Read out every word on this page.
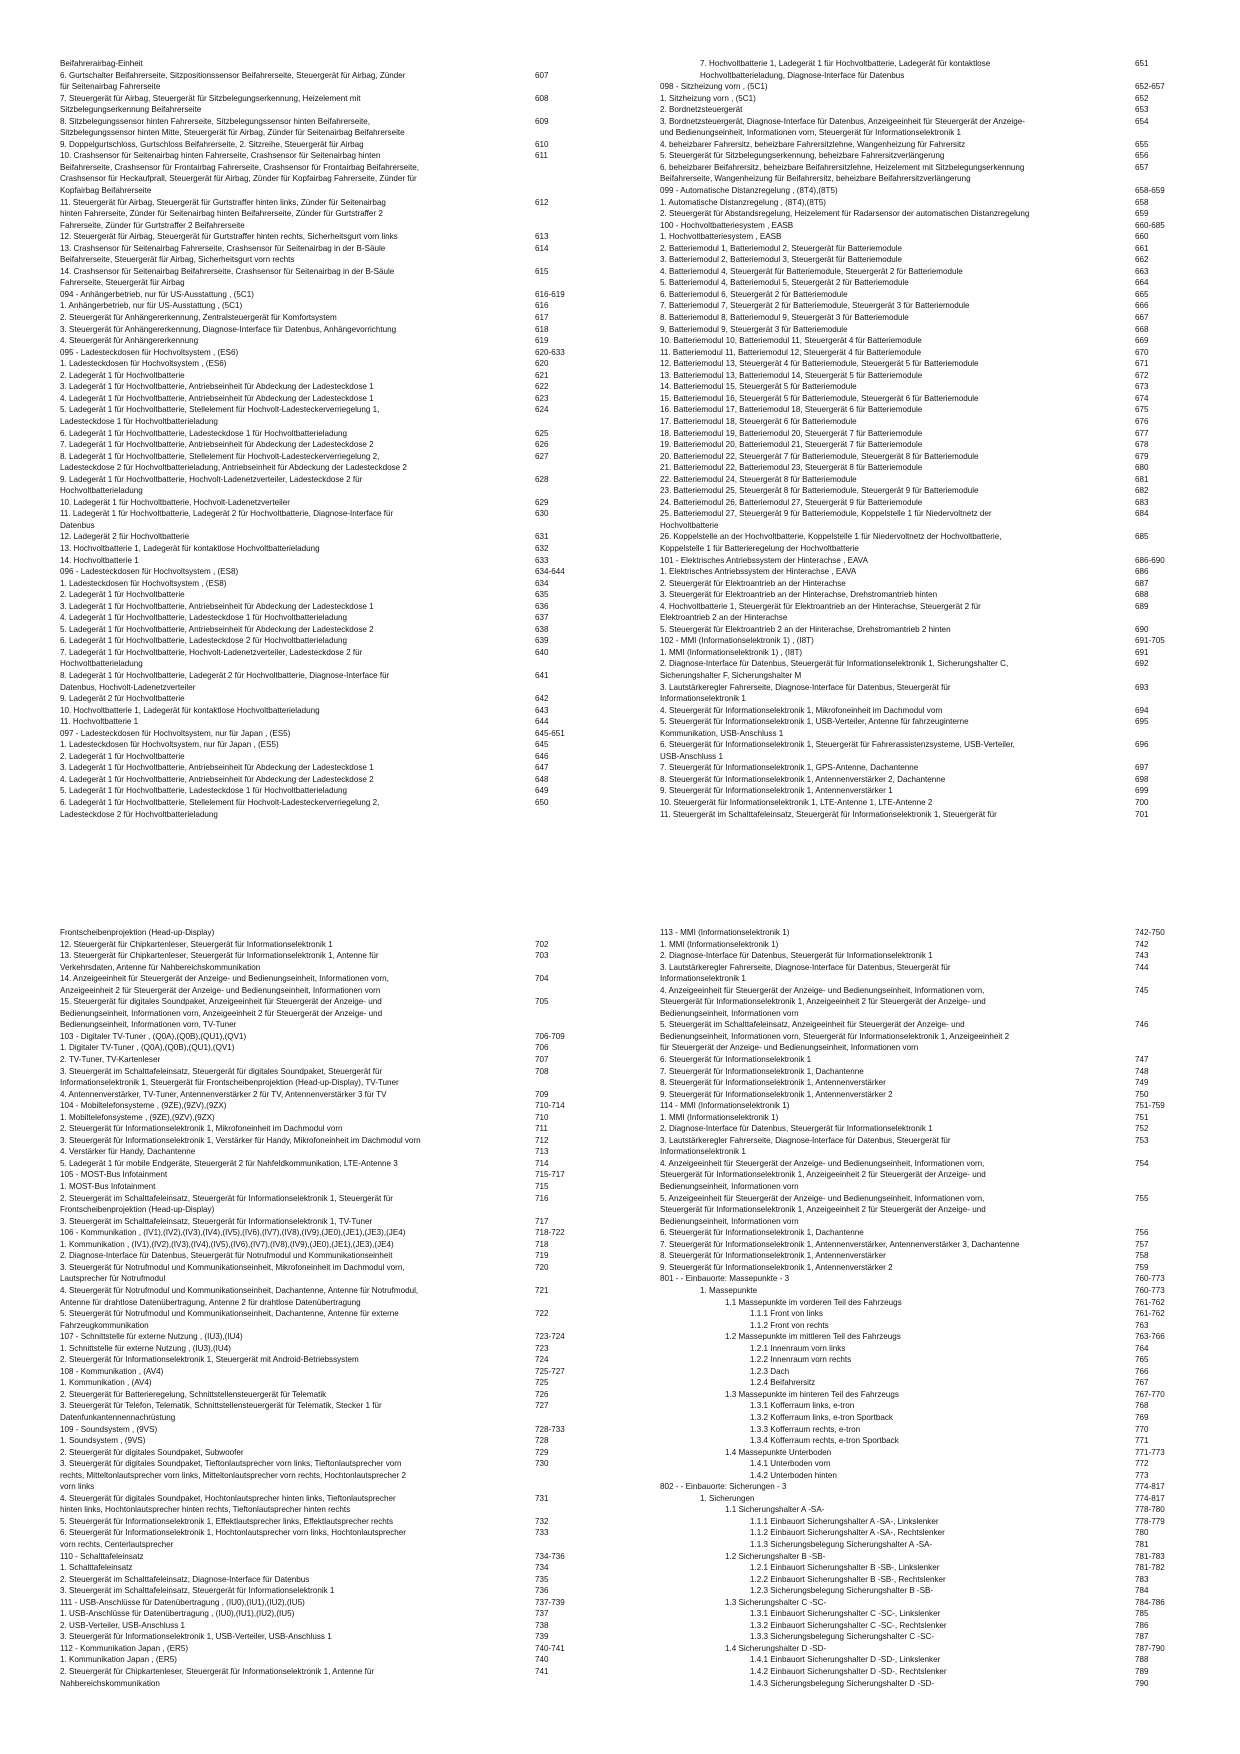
Beifahrerairbag-Einheit
6. Gurtschalter Beifahrerseite, Sitzpositionssensor Beifahrerseite, Steuergerät für Airbag, Zünder	607
für Seitenairbag Fahrerseite
7. Steuergerät für Airbag, Steuergerät für Sitzbelegungserkennung, Heizelement mit	608
Sitzbelegungserkennung Beifahrerseite
8. Sitzbelegungssensor hinten Fahrerseite, Sitzbelegungssensor hinten Beifahrerseite,	609
Sitzbelegungssensor hinten Mitte, Steuergerät für Airbag, Zünder für Seitenairbag Beifahrerseite
9. Doppelgurtschloss, Gurtschloss Beifahrerseite, 2. Sitzreihe, Steuergerät für Airbag	610
10. Crashsensor für Seitenairbag hinten Fahrerseite, Crashsensor für Seitenairbag hinten	611
Beifahrerseite, Crashsensor für Frontairbag Fahrerseite, Crashsensor für Frontairbag Beifahrerseite,
Crashsensor für Heckaufprall, Steuergerät für Airbag, Zünder für Kopfairbag Fahrerseite, Zünder für
Kopfairbag Beifahrerseite
11. Steuergerät für Airbag, Steuergerät für Gurtstraffer hinten links, Zünder für Seitenairbag	612
hinten Fahrerseite, Zünder für Seitenairbag hinten Beifahrerseite, Zünder für Gurtstraffer 2
Fahrerseite, Zünder für Gurtstraffer 2 Beifahrerseite
12. Steuergerät für Airbag, Steuergerät für Gurtstraffer hinten rechts, Sicherheitsgurt vorn links	613
13. Crashsensor für Seitenairbag Fahrerseite, Crashsensor für Seitenairbag in der B-Säule	614
Beifahrerseite, Steuergerät für Airbag, Sicherheitsgurt vorn rechts
14. Crashsensor für Seitenairbag Beifahrerseite, Crashsensor für Seitenairbag in der B-Säule	615
Fahrerseite, Steuergerät für Airbag
094 - Anhängerbetrieb, nur für US-Ausstattung , (5C1)	616-619
1. Anhängerbetrieb, nur für US-Ausstattung , (5C1)	616
2. Steuergerät für Anhängererkennung, Zentralsteuergerät für Komfortsystem	617
3. Steuergerät für Anhängererkennung, Diagnose-Interface für Datenbus, Anhängevorrichtung	618
4. Steuergerät für Anhängererkennung	619
095 - Ladesteckdosen für Hochvoltsystem , (ES6)	620-633
1. Ladesteckdosen für Hochvoltsystem , (ES6)	620
2. Ladegerät 1 für Hochvoltbatterie	621
3. Ladegerät 1 für Hochvoltbatterie, Antriebseinheit für Abdeckung der Ladesteckdose 1	622
4. Ladegerät 1 für Hochvoltbatterie, Antriebseinheit für Abdeckung der Ladesteckdose 1	623
5. Ladegerät 1 für Hochvoltbatterie, Stellelement für Hochvolt-Ladesteckerverriegelung 1,	624
Ladesteckdose 1 für Hochvoltbatterieladung
6. Ladegerät 1 für Hochvoltbatterie, Ladesteckdose 1 für Hochvoltbatterieladung	625
7. Ladegerät 1 für Hochvoltbatterie, Antriebseinheit für Abdeckung der Ladesteckdose 2	626
8. Ladegerät 1 für Hochvoltbatterie, Stellelement für Hochvolt-Ladesteckerverriegelung 2,	627
Ladesteckdose 2 für Hochvoltbatterieladung, Antriebseinheit für Abdeckung der Ladesteckdose 2
9. Ladegerät 1 für Hochvoltbatterie, Hochvolt-Ladenetzverteiler, Ladesteckdose 2 für	628
Hochvoltbatterieladung
10. Ladegerät 1 für Hochvoltbatterie, Hochvolt-Ladenetzverteiler	629
11. Ladegerät 1 für Hochvoltbatterie, Ladegerät 2 für Hochvoltbatterie, Diagnose-Interface für	630
Datenbus
12. Ladegerät 2 für Hochvoltbatterie	631
13. Hochvoltbatterie 1, Ladegerät für kontaktlose Hochvoltbatterieladung	632
14. Hochvoltbatterie 1	633
096 - Ladesteckdosen für Hochvoltsystem , (ES8)	634-644
1. Ladesteckdosen für Hochvoltsystem , (ES8)	634
2. Ladegerät 1 für Hochvoltbatterie	635
3. Ladegerät 1 für Hochvoltbatterie, Antriebseinheit für Abdeckung der Ladesteckdose 1	636
4. Ladegerät 1 für Hochvoltbatterie, Ladesteckdose 1 für Hochvoltbatterieladung	637
5. Ladegerät 1 für Hochvoltbatterie, Antriebseinheit für Abdeckung der Ladesteckdose 2	638
6. Ladegerät 1 für Hochvoltbatterie, Ladesteckdose 2 für Hochvoltbatterieladung	639
7. Ladegerät 1 für Hochvoltbatterie, Hochvolt-Ladenetzverteiler, Ladesteckdose 2 für	640
Hochvoltbatterieladung
8. Ladegerät 1 für Hochvoltbatterie, Ladegerät 2 für Hochvoltbatterie, Diagnose-Interface für	641
Datenbus, Hochvolt-Ladenetzverteiler
9. Ladegerät 2 für Hochvoltbatterie	642
10. Hochvoltbatterie 1, Ladegerät für kontaktlose Hochvoltbatterieladung	643
11. Hochvoltbatterie 1	644
097 - Ladesteckdosen für Hochvoltsystem, nur für Japan , (ES5)	645-651
1. Ladesteckdosen für Hochvoltsystem, nur für Japan , (ES5)	645
2. Ladegerät 1 für Hochvoltbatterie	646
3. Ladegerät 1 für Hochvoltbatterie, Antriebseinheit für Abdeckung der Ladesteckdose 1	647
4. Ladegerät 1 für Hochvoltbatterie, Antriebseinheit für Abdeckung der Ladesteckdose 2	648
5. Ladegerät 1 für Hochvoltbatterie, Ladesteckdose 1 für Hochvoltbatterieladung	649
6. Ladegerät 1 für Hochvoltbatterie, Stellelement für Hochvolt-Ladesteckerverriegelung 2,	650
Ladesteckdose 2 für Hochvoltbatterieladung
7. Hochvoltbatterie 1, Ladegerät 1 für Hochvoltbatterie, Ladegerät für kontaktlose	651
Hochvoltbatterieladung, Diagnose-Interface für Datenbus
098 - Sitzheizung vorn , (5C1)	652-657
1. Sitzheizung vorn , (5C1)	652
2. Bordnetzsteuergerät	653
3. Bordnetzsteuergerät, Diagnose-Interface für Datenbus, Anzeigeeinheit für Steuergerät der Anzeige-	654
und Bedienungseinheit, Informationen vorn, Steuergerät für Informationselektronik 1
4. beheizbarer Fahrersitz, beheizbare Fahrersitzlehne, Wangenheizung für Fahrersitz	655
5. Steuergerät für Sitzbelegungserkennung, beheizbare Fahrersitzverlängerung	656
6. beheizbarer Beifahrersitz, beheizbare Beifahrersitzlehne, Heizelement mit Sitzbelegungserkennung	657
Beifahrerseite, Wangenheizung für Beifahrersitz, beheizbare Beifahrersitzverlängerung
099 - Automatische Distanzregelung , (8T4),(8T5)	658-659
1. Automatische Distanzregelung , (8T4),(8T5)	658
2. Steuergerät für Abstandsregelung, Heizelement für Radarsensor der automatischen Distanzregelung	659
100 - Hochvoltbatteriesystem , EASB	660-685
1. Hochvoltbatteriesystem , EASB	660
2. Batteriemodul 1, Batteriemodul 2, Steuergerät für Batteriemodule	661
3. Batteriemodul 2, Batteriemodul 3, Steuergerät für Batteriemodule	662
4. Batteriemodul 4, Steuergerät für Batteriemodule, Steuergerät 2 für Batteriemodule	663
5. Batteriemodul 4, Batteriemodul 5, Steuergerät 2 für Batteriemodule	664
6. Batteriemodul 6, Steuergerät 2 für Batteriemodule	665
7. Batteriemodul 7, Steuergerät 2 für Batteriemodule, Steuergerät 3 für Batteriemodule	666
8. Batteriemodul 8, Batteriemodul 9, Steuergerät 3 für Batteriemodule	667
9. Batteriemodul 9, Steuergerät 3 für Batteriemodule	668
10. Batteriemodul 10, Batteriemodul 11, Steuergerät 4 für Batteriemodule	669
11. Batteriemodul 11, Batteriemodul 12, Steuergerät 4 für Batteriemodule	670
12. Batteriemodul 13, Steuergerät 4 für Batteriemodule, Steuergerät 5 für Batteriemodule	671
13. Batteriemodul 13, Batteriemodul 14, Steuergerät 5 für Batteriemodule	672
14. Batteriemodul 15, Steuergerät 5 für Batteriemodule	673
15. Batteriemodul 16, Steuergerät 5 für Batteriemodule, Steuergerät 6 für Batteriemodule	674
16. Batteriemodul 17, Batteriemodul 18, Steuergerät 6 für Batteriemodule	675
17. Batteriemodul 18, Steuergerät 6 für Batteriemodule	676
18. Batteriemodul 19, Batteriemodul 20, Steuergerät 7 für Batteriemodule	677
19. Batteriemodul 20, Batteriemodul 21, Steuergerät 7 für Batteriemodule	678
20. Batteriemodul 22, Steuergerät 7 für Batteriemodule, Steuergerät 8 für Batteriemodule	679
21. Batteriemodul 22, Batteriemodul 23, Steuergerät 8 für Batteriemodule	680
22. Batteriemodul 24, Steuergerät 8 für Batteriemodule	681
23. Batteriemodul 25, Steuergerät 8 für Batteriemodule, Steuergerät 9 für Batteriemodule	682
24. Batteriemodul 26, Batteriemodul 27, Steuergerät 9 für Batteriemodule	683
25. Batteriemodul 27, Steuergerät 9 für Batteriemodule, Koppelstelle 1 für Niedervoltnetz der	684
Hochvoltbatterie
26. Koppelstelle an der Hochvoltbatterie, Koppelstelle 1 für Niedervoltnetz der Hochvoltbatterie,	685
Koppelstelle 1 für Batterieregelung der Hochvoltbatterie
101 - Elektrisches Antriebssystem der Hinterachse , EAVA	686-690
1. Elektrisches Antriebssystem der Hinterachse , EAVA	686
2. Steuergerät für Elektroantrieb an der Hinterachse	687
3. Steuergerät für Elektroantrieb an der Hinterachse, Drehstromantrieb hinten	688
4. Hochvoltbatterie 1, Steuergerät für Elektroantrieb an der Hinterachse, Steuergerät 2 für	689
Elektroantrieb 2 an der Hinterachse
5. Steuergerät für Elektroantrieb 2 an der Hinterachse, Drehstromantrieb 2 hinten	690
102 - MMI (Informationselektronik 1) , (I8T)	691-705
1. MMI (Informationselektronik 1) , (I8T)	691
2. Diagnose-Interface für Datenbus, Steuergerät für Informationselektronik 1, Sicherungshalter C,	692
Sicherungshalter F, Sicherungshalter M
3. Lautstärkeregler Fahrerseite, Diagnose-Interface für Datenbus, Steuergerät für	693
Informationselektronik 1
4. Steuergerät für Informationselektronik 1, Mikrofoneinheit im Dachmodul vorn	694
5. Steuergerät für Informationselektronik 1, USB-Verteiler, Antenne für fahrzeuginterne	695
Kommunikation, USB-Anschluss 1
6. Steuergerät für Informationselektronik 1, Steuergerät für Fahrerassistenzsysteme, USB-Verteiler,	696
USB-Anschluss 1
7. Steuergerät für Informationselektronik 1, GPS-Antenne, Dachantenne	697
8. Steuergerät für Informationselektronik 1, Antennenverstärker 2, Dachantenne	698
9. Steuergerät für Informationselektronik 1, Antennenverstärker 1	699
10. Steuergerät für Informationselektronik 1, LTE-Antenne 1, LTE-Antenne 2	700
11. Steuergerät im Schalttafeleinsatz, Steuergerät für Informationselektronik 1, Steuergerät für	701
Frontscheibenprojektion (Head-up-Display)
12. Steuergerät für Chipkartenleser, Steuergerät für Informationselektronik 1	702
13. Steuergerät für Chipkartenleser, Steuergerät für Informationselektronik 1, Antenne für	703
Verkehrsdaten, Antenne für Nahbereichskommunikation
14. Anzeigeeinheit für Steuergerät der Anzeige- und Bedienungseinheit, Informationen vorn,	704
Anzeigeeinheit 2 für Steuergerät der Anzeige- und Bedienungseinheit, Informationen vorn
15. Steuergerät für digitales Soundpaket, Anzeigeeinheit für Steuergerät der Anzeige- und	705
Bedienungseinheit, Informationen vorn, Anzeigeeinheit 2 für Steuergerät der Anzeige- und
Bedienungseinheit, Informationen vorn, TV-Tuner
103 - Digitaler TV-Tuner , (Q0A),(Q0B),(QU1),(QV1)	706-709
1. Digitaler TV-Tuner , (Q0A),(Q0B),(QU1),(QV1)	706
2. TV-Tuner, TV-Kartenleser	707
3. Steuergerät im Schalttafeleinsatz, Steuergerät für digitales Soundpaket, Steuergerät für	708
Informationselektronik 1, Steuergerät für Frontscheibenprojektion (Head-up-Display), TV-Tuner
4. Antennenverstärker, TV-Tuner, Antennenverstärker 2 für TV, Antennenverstärker 3 für TV	709
104 - Mobiltelefonsysteme , (9ZE),(9ZV),(9ZX)	710-714
1. Mobiltelefonsysteme , (9ZE),(9ZV),(9ZX)	710
2. Steuergerät für Informationselektronik 1, Mikrofoneinheit im Dachmodul vorn	711
3. Steuergerät für Informationselektronik 1, Verstärker für Handy, Mikrofoneinheit im Dachmodul vorn	712
4. Verstärker für Handy, Dachantenne	713
5. Ladegerät 1 für mobile Endgeräte, Steuergerät 2 für Nahfeldkommunikation, LTE-Antenne 3	714
105 - MOST-Bus Infotainment	715-717
1. MOST-Bus Infotainment	715
2. Steuergerät im Schalttafeleinsatz, Steuergerät für Informationselektronik 1, Steuergerät für	716
Frontscheibenprojektion (Head-up-Display)
3. Steuergerät im Schalttafeleinsatz, Steuergerät für Informationselektronik 1, TV-Tuner	717
106 - Kommunikation , (IV1),(IV2),(IV3),(IV4),(IV5),(IV6),(IV7),(IV8),(IV9),(JE0),(JE1),(JE3),(JE4)	718-722
1. Kommunikation , (IV1),(IV2),(IV3),(IV4),(IV5),(IV6),(IV7),(IV8),(IV9),(JE0),(JE1),(JE3),(JE4)	718
2. Diagnose-Interface für Datenbus, Steuergerät für Notrufmodul und Kommunikationseinheit	719
3. Steuergerät für Notrufmodul und Kommunikationseinheit, Mikrofoneinheit im Dachmodul vorn,	720
Lautsprecher für Notrufmodul
4. Steuergerät für Notrufmodul und Kommunikationseinheit, Dachantenne, Antenne für Notrufmodul,	721
Antenne für drahtlose Datenübertragung, Antenne 2 für drahtlose Datenübertragung
5. Steuergerät für Notrufmodul und Kommunikationseinheit, Dachantenne, Antenne für externe	722
Fahrzeugkommunikation
107 - Schnittstelle für externe Nutzung , (IU3),(IU4)	723-724
1. Schnittstelle für externe Nutzung , (IU3),(IU4)	723
2. Steuergerät für Informationselektronik 1, Steuergerät mit Android-Betriebssystem	724
108 - Kommunikation , (AV4)	725-727
1. Kommunikation , (AV4)	725
2. Steuergerät für Batterieregelung, Schnittstellensteuergerät für Telematik	726
3. Steuergerät für Telefon, Telematik, Schnittstellensteuergerät für Telematik, Stecker 1 für	727
Datenfunkantennennachrüstung
109 - Soundsystem , (9VS)	728-733
1. Soundsystem , (9VS)	728
2. Steuergerät für digitales Soundpaket, Subwoofer	729
3. Steuergerät für digitales Soundpaket, Tieftonlautsprecher vorn links, Tieftonlautsprecher vorn	730
rechts, Mitteltonlautsprecher vorn links, Mitteltonlautsprecher vorn rechts, Hochtonlautsprecher 2
vorn links
4. Steuergerät für digitales Soundpaket, Hochtonlautsprecher hinten links, Tieftonlautsprecher	731
hinten links, Hochtonlautsprecher hinten rechts, Tieftonlautsprecher hinten rechts
5. Steuergerät für Informationselektronik 1, Effektlautsprecher links, Effektlautsprecher rechts	732
6. Steuergerät für Informationselektronik 1, Hochtonlautsprecher vorn links, Hochtonlautsprecher	733
vorn rechts, Centerlautsprecher
110 - Schalttafeleinsatz	734-736
1. Schalttafeleinsatz	734
2. Steuergerät im Schalttafeleinsatz, Diagnose-Interface für Datenbus	735
3. Steuergerät im Schalttafeleinsatz, Steuergerät für Informationselektronik 1	736
111 - USB-Anschlüsse für Datenübertragung , (IU0),(IU1),(IU2),(IU5)	737-739
1. USB-Anschlüsse für Datenübertragung , (IU0),(IU1),(IU2),(IU5)	737
2. USB-Verteiler, USB-Anschluss 1	738
3. Steuergerät für Informationselektronik 1, USB-Verteiler, USB-Anschluss 1	739
112 - Kommunikation Japan , (ER5)	740-741
1. Kommunikation Japan , (ER5)	740
2. Steuergerät für Chipkartenleser, Steuergerät für Informationselektronik 1, Antenne für	741
Nahbereichskommunikation
113 - MMI (Informationselektronik 1)	742-750
1. MMI (Informationselektronik 1)	742
2. Diagnose-Interface für Datenbus, Steuergerät für Informationselektronik 1	743
3. Lautstärkeregler Fahrerseite, Diagnose-Interface für Datenbus, Steuergerät für	744
Informationselektronik 1
4. Anzeigeeinheit für Steuergerät der Anzeige- und Bedienungseinheit, Informationen vorn,	745
Steuergerät für Informationselektronik 1, Anzeigeeinheit 2 für Steuergerät der Anzeige- und
Bedienungseinheit, Informationen vorn
5. Steuergerät im Schalttafeleinsatz, Anzeigeeinheit für Steuergerät der Anzeige- und	746
Bedienungseinheit, Informationen vorn, Steuergerät für Informationselektronik 1, Anzeigeeinheit 2
für Steuergerät der Anzeige- und Bedienungseinheit, Informationen vorn
6. Steuergerät für Informationselektronik 1	747
7. Steuergerät für Informationselektronik 1, Dachantenne	748
8. Steuergerät für Informationselektronik 1, Antennenverstärker	749
9. Steuergerät für Informationselektronik 1, Antennenverstärker 2	750
114 - MMI (Informationselektronik 1)	751-759
1. MMI (Informationselektronik 1)	751
2. Diagnose-Interface für Datenbus, Steuergerät für Informationselektronik 1	752
3. Lautstärkeregler Fahrerseite, Diagnose-Interface für Datenbus, Steuergerät für	753
Informationselektronik 1
4. Anzeigeeinheit für Steuergerät der Anzeige- und Bedienungseinheit, Informationen vorn,	754
Steuergerät für Informationselektronik 1, Anzeigeeinheit 2 für Steuergerät der Anzeige- und
Bedienungseinheit, Informationen vorn
5. Anzeigeeinheit für Steuergerät der Anzeige- und Bedienungseinheit, Informationen vorn,	755
Steuergerät für Informationselektronik 1, Anzeigeeinheit 2 für Steuergerät der Anzeige- und
Bedienungseinheit, Informationen vorn
6. Steuergerät für Informationselektronik 1, Dachantenne	756
7. Steuergerät für Informationselektronik 1, Antennenverstärker, Antennenverstärker 3, Dachantenne	757
8. Steuergerät für Informationselektronik 1, Antennenverstärker	758
9. Steuergerät für Informationselektronik 1, Antennenverstärker 2	759
801 - - Einbauorte: Massepunkte - 3	760-773
1. Massepunkte	760-773
1.1 Massepunkte im vorderen Teil des Fahrzeugs	761-762
1.1.1 Front von links	761-762
1.1.2 Front von rechts	763
1.2 Massepunkte im mittleren Teil des Fahrzeugs	763-766
1.2.1 Innenraum vorn links	764
1.2.2 Innenraum vorn rechts	765
1.2.3 Dach	766
1.2.4 Beifahrersitz	767
1.3 Massepunkte im hinteren Teil des Fahrzeugs	767-770
1.3.1 Kofferraum links, e-tron	768
1.3.2 Kofferraum links, e-tron Sportback	769
1.3.3 Kofferraum rechts, e-tron	770
1.3.4 Kofferraum rechts, e-tron Sportback	771
1.4 Massepunkte Unterboden	771-773
1.4.1 Unterboden vorn	772
1.4.2 Unterboden hinten	773
802 - - Einbauorte: Sicherungen - 3	774-817
1. Sicherungen	774-817
1.1 Sicherungshalter A -SA-	778-780
1.1.1 Einbauort Sicherungshalter A -SA-, Linkslenker	778-779
1.1.2 Einbauort Sicherungshalter A -SA-, Rechtslenker	780
1.1.3 Sicherungsbelegung Sicherungshalter A -SA-	781
1.2 Sicherungshalter B -SB-	781-783
1.2.1 Einbauort Sicherungshalter B -SB-, Linkslenker	781-782
1.2.2 Einbauort Sicherungshalter B -SB-, Rechtslenker	783
1.2.3 Sicherungsbelegung Sicherungshalter B -SB-	784
1.3 Sicherungshalter C -SC-	784-786
1.3.1 Einbauort Sicherungshalter C -SC-, Linkslenker	785
1.3.2 Einbauort Sicherungshalter C -SC-, Rechtslenker	786
1.3.3 Sicherungsbelegung Sicherungshalter C -SC-	787
1.4 Sicherungshalter D -SD-	787-790
1.4.1 Einbauort Sicherungshalter D -SD-, Linkslenker	788
1.4.2 Einbauort Sicherungshalter D -SD-, Rechtslenker	789
1.4.3 Sicherungsbelegung Sicherungshalter D -SD-	790
